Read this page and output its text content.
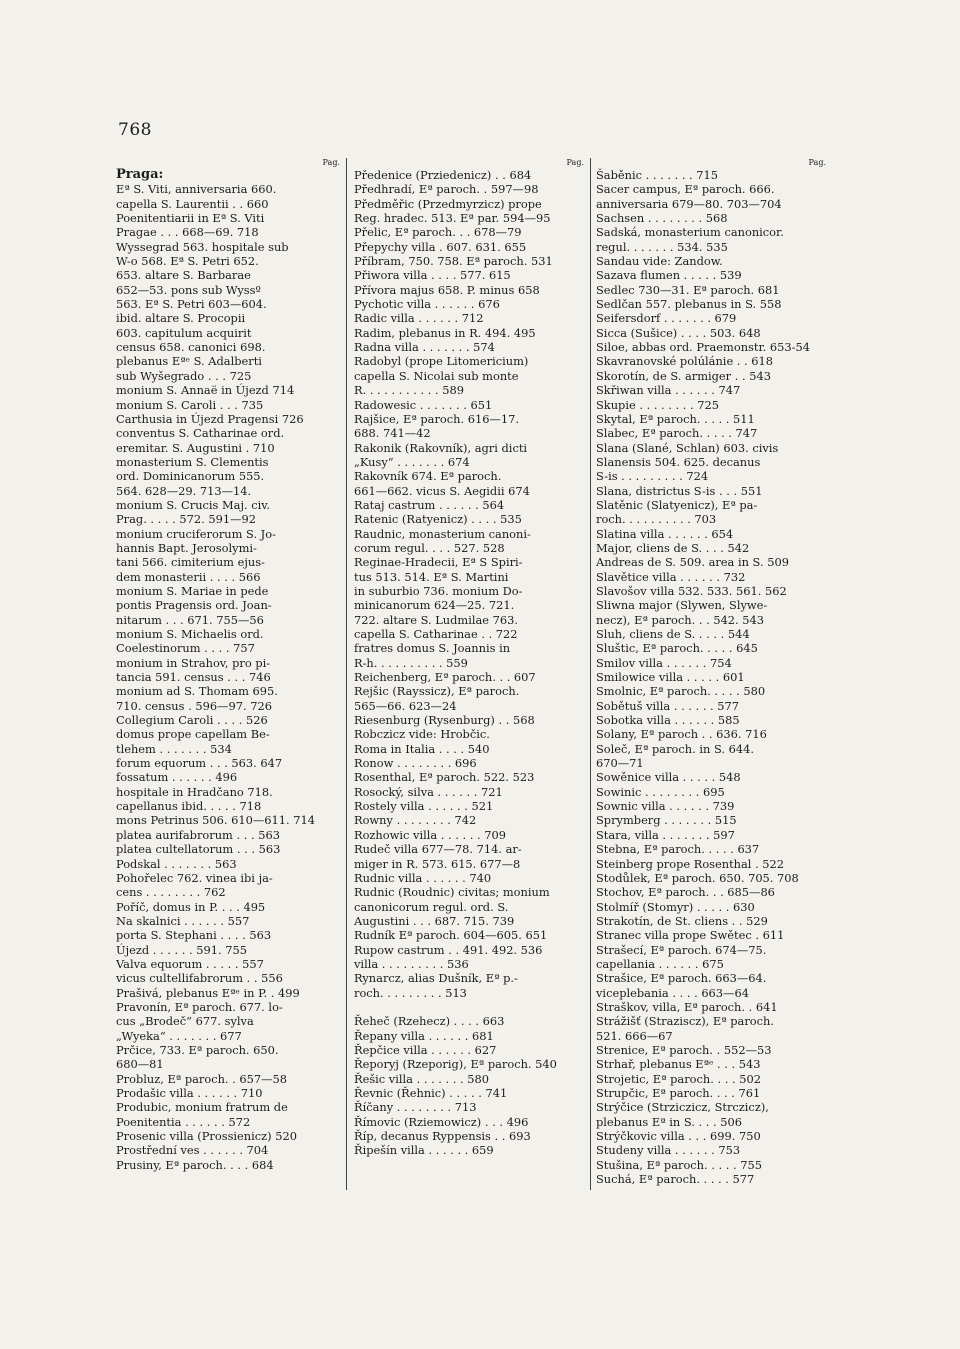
768
Pag.
Praga:
Eª S. Viti, anniversaria 660.
capella S. Laurentii . . 660
Poenitentiarii in Eª S. Viti
Pragae . . . 668—69. 718
Wyssegrad 563. hospitale sub
W-o 568. Eª S. Petri 652.
653. altare S. Barbarae
652—53. pons sub Wyssº
563. Eª S. Petri 603—604.
ibid. altare S. Procopii
603. capitulum acquirit
census 658. canonici 698.
plebanus Eªᵉ S. Adalberti
sub Wyšegrado . . . 725
monium S. Annaë in Újezd 714
monium S. Caroli . . . 735
Carthusia in Újezd Pragensi 726
conventus S. Catharinae ord.
eremitar. S. Augustini . 710
monasterium S. Clementis
ord. Dominicanorum 555.
564. 628—29. 713—14.
monium S. Crucis Maj. civ.
Prag. . . . . 572. 591—92
monium cruciferorum S. Jo-
hannis Bapt. Jerosolymi-
tani 566. cimiterium ejus-
dem monasterii . . . . 566
monium S. Mariae in pede
pontis Pragensis ord. Joan-
nitarum . . . 671. 755—56
monium S. Michaelis ord.
Coelestinorum . . . . 757
monium in Strahov, pro pi-
tancia 591. census . . . 746
monium ad S. Thomam 695.
710. census . 596—97. 726
Collegium Caroli . . . . 526
domus prope capellam Be-
tlehem . . . . . . . 534
forum equorum . . . 563. 647
fossatum . . . . . . 496
hospitale in Hradčano 718.
capellanus ibid. . . . . 718
mons Petrinus 506. 610—611. 714
platea aurifabrorum . . . 563
platea cultellatorum . . . 563
Podskal . . . . . . . 563
Pohořelec 762. vinea ibi ja-
cens . . . . . . . . 762
Poříč, domus in P. . . . 495
Na skalnici . . . . . . 557
porta S. Stephani . . . . 563
Újezd . . . . . . 591. 755
Valva equorum . . . . . 557
vicus cultellifabrorum . . 556
Prašivá, plebanus Eªᵉ in P. . 499
Pravonín, Eª paroch. 677. lo-
cus „Brodeč“ 677. sylva
„Wyeka“ . . . . . . . 677
Prčice, 733. Eª paroch. 650.
680—81
Probluz, Eª paroch. . 657—58
Prodašic villa . . . . . . 710
Produbic, monium fratrum de
Poenitentia . . . . . . 572
Prosenic villa (Prossienicz) 520
Prostřední ves . . . . . . 704
Prusiny, Eª paroch. . . . 684
Pag.
Předenice (Prziedenicz) . . 684
Předhradí, Eª paroch. . 597—98
Předměřic (Przedmyrzicz) prope
Reg. hradec. 513. Eª par. 594—95
Přelic, Eª paroch. . . 678—79
Přepychy villa . 607. 631. 655
Příbram, 750. 758. Eª paroch. 531
Přiwora villa . . . . 577. 615
Přívora majus 658. P. minus 658
Pychotic villa . . . . . . 676
Radic villa . . . . . . 712
Radim, plebanus in R. 494. 495
Radna villa . . . . . . . 574
Radobyl (prope Litomericium)
capella S. Nicolai sub monte
R. . . . . . . . . . . 589
Radowesic . . . . . . . 651
Rajšice, Eª paroch. 616—17.
688. 741—42
Rakonik (Rakovník), agri dicti
„Kusy“ . . . . . . . 674
Rakovník 674. Eª paroch.
661—662. vicus S. Aegidii 674
Rataj castrum . . . . . . 564
Ratenic (Ratyenicz) . . . . 535
Raudnic, monasterium canoni-
corum regul. . . . 527. 528
Reginae-Hradecii, Eª S Spiri-
tus 513. 514. Eª S. Martini
in suburbio 736. monium Do-
minicanorum 624—25. 721.
722. altare S. Ludmilae 763.
capella S. Catharinae . . 722
fratres domus S. Joannis in
R-h. . . . . . . . . . 559
Reichenberg, Eª paroch. . . 607
Rejšic (Rayssicz), Eª paroch.
565—66. 623—24
Riesenburg (Rysenburg) . . 568
Robczicz vide: Hrobčic.
Roma in Italia . . . . 540
Ronow . . . . . . . . 696
Rosenthal, Eª paroch. 522. 523
Rosocký, silva . . . . . . 721
Rostely villa . . . . . . 521
Rowny . . . . . . . . 742
Rozhowic villa . . . . . . 709
Rudeč villa 677—78. 714. ar-
miger in R. 573. 615. 677—8
Rudnic villa . . . . . . 740
Rudnic (Roudnic) civitas; monium
canonicorum regul. ord. S.
Augustini . . . 687. 715. 739
Rudník Eª paroch. 604—605. 651
Rupow castrum . . 491. 492. 536
villa . . . . . . . . . 536
Rynarcz, alias Dušník, Eª p.-
roch. . . . . . . . . 513

Řeheč (Rzehecz) . . . . 663
Řepany villa . . . . . . 681
Řepčice villa . . . . . . 627
Řeporyj (Rzeporig), Eª paroch. 540
Řešic villa . . . . . . . 580
Řevnic (Řehnic) . . . . . 741
Říčany . . . . . . . . 713
Římovic (Rziemowicz) . . . 496
Říp, decanus Ryppensis . . 693
Řipešín villa . . . . . . 659
Pag.
Šaběnic . . . . . . . 715
Sacer campus, Eª paroch. 666.
anniversaria 679—80. 703—704
Sachsen . . . . . . . . 568
Sadská, monasterium canonicor.
regul. . . . . . . 534. 535
Sandau vide: Zandow.
Sazava flumen . . . . . 539
Sedlec 730—31. Eª paroch. 681
Sedlčan 557. plebanus in S. 558
Seifersdorf . . . . . . . 679
Sicca (Sušice) . . . . 503. 648
Siloe, abbas ord. Praemonstr. 653-54
Skavranovské polúlánie . . 618
Skorotín, de S. armiger . . 543
Skřiwan villa . . . . . . 747
Skupie . . . . . . . . 725
Skytal, Eª paroch. . . . . 511
Slabec, Eª paroch. . . . . 747
Slana (Slané, Schlan) 603. civis
Slanensis 504. 625. decanus
S-is . . . . . . . . . 724
Slana, districtus S-is . . . 551
Slatěnic (Slatyenicz), Eª pa-
roch. . . . . . . . . . 703
Slatina villa . . . . . . 654
Major, cliens de S. . . . 542
Andreas de S. 509. area in S. 509
Slavětice villa . . . . . . 732
Slavošov villa 532. 533. 561. 562
Sliwna major (Slywen, Slywe-
necz), Eª paroch. . . 542. 543
Sluh, cliens de S. . . . . 544
Sluštic, Eª paroch. . . . . 645
Smilov villa . . . . . . 754
Smilowice villa . . . . . 601
Smolnic, Eª paroch. . . . . 580
Sobětuš villa . . . . . . 577
Sobotka villa . . . . . . 585
Solany, Eª paroch . . 636. 716
Soleč, Eª paroch. in S. 644.
670—71
Sowěnice villa . . . . . 548
Sowinic . . . . . . . . 695
Sownic villa . . . . . . 739
Sprymberg . . . . . . . 515
Stara, villa . . . . . . . 597
Stebna, Eª paroch. . . . . 637
Steinberg prope Rosenthal . 522
Stodůlek, Eª paroch. 650. 705. 708
Stochov, Eª paroch. . . 685—86
Stolmíř (Stomyr) . . . . . 630
Strakotín, de St. cliens . . 529
Stranec villa prope Swětec . 611
Strašecí, Eª paroch. 674—75.
capellania . . . . . . 675
Strašice, Eª paroch. 663—64.
viceplebania . . . . 663—64
Straškov, villa, Eª paroch. . 641
Strážišť (Straziscz), Eª paroch.
521. 666—67
Strenice, Eª paroch. . 552—53
Strhař, plebanus Eªᵉ . . . 543
Strojetic, Eª paroch. . . . 502
Strupčic, Eª paroch. . . . 761
Strýčice (Strziczicz, Strczicz),
plebanus Eª in S. . . . 506
Strýčkovic villa . . . 699. 750
Studeny villa . . . . . . 753
Stušina, Eª paroch. . . . . 755
Suchá, Eª paroch. . . . . 577
